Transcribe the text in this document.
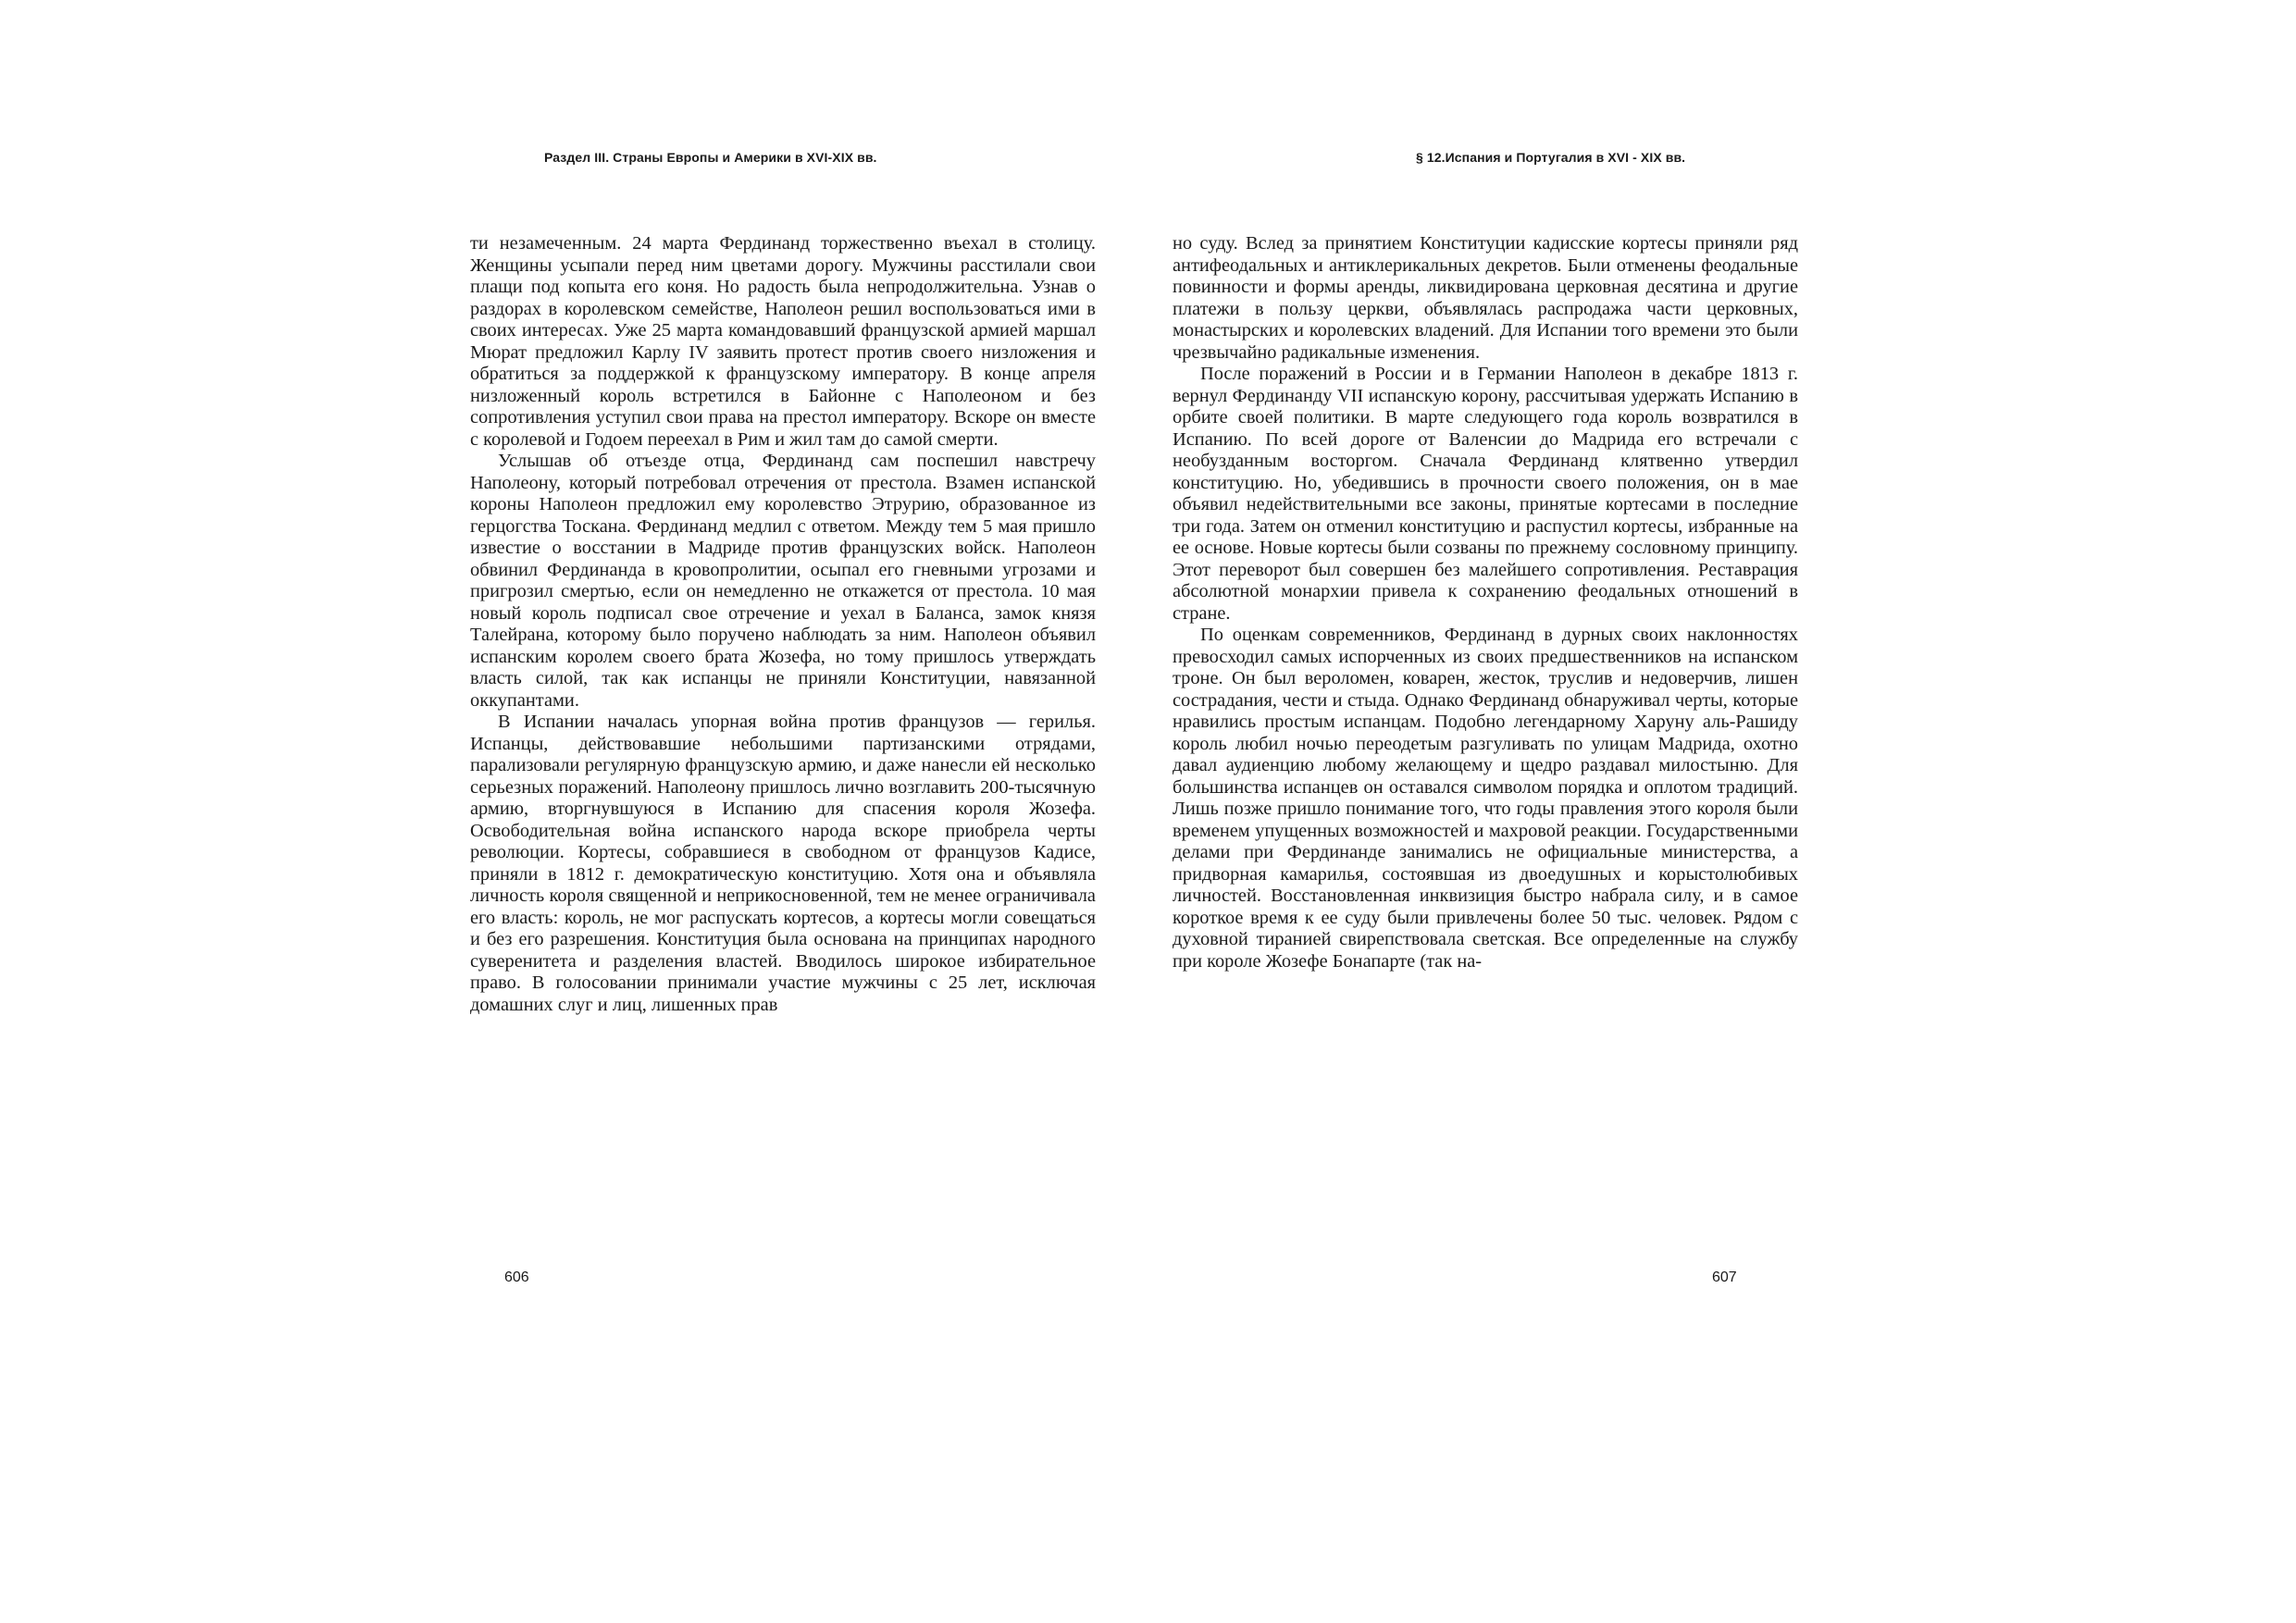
Раздел III. Страны Европы и Америки в XVI-XIX вв.	§ 12.Испания и Португалия в XVI - XIX вв.

ти незамеченным. 24 марта Фердинанд торжественно въехал в столицу. Женщины усыпали перед ним цветами дорогу. Мужчины расстилали свои плащи под копыта его коня. Но радость была непродолжительна. Узнав о раздорах в королевском семействе, Наполеон решил воспользоваться ими в своих интересах. Уже 25 марта командовавший французской армией маршал Мюрат предложил Карлу IV заявить протест против своего низложения и обратиться за поддержкой к французскому императору. В конце апреля низложенный король встретился в Байонне с Наполеоном и без сопротивления уступил свои права на престол императору. Вскоре он вместе с королевой и Годоем переехал в Рим и жил там до самой смерти.

Услышав об отъезде отца, Фердинанд сам поспешил навстречу Наполеону, который потребовал отречения от престола. Взамен испанской короны Наполеон предложил ему королевство Этрурию, образованное из герцогства Тоскана. Фердинанд медлил с ответом. Между тем 5 мая пришло известие о восстании в Мадриде против французских войск. Наполеон обвинил Фердинанда в кровопролитии, осыпал его гневными угрозами и пригрозил смертью, если он немедленно не откажется от престола. 10 мая новый король подписал свое отречение и уехал в Баланса, замок князя Талейрана, которому было поручено наблюдать за ним. Наполеон объявил испанским королем своего брата Жозефа, но тому пришлось утверждать власть силой, так как испанцы не приняли Конституции, навязанной оккупантами.

В Испании началась упорная война против французов — герилья. Испанцы, действовавшие небольшими партизанскими отрядами, парализовали регулярную французскую армию, и даже нанесли ей несколько серьезных поражений. Наполеону пришлось лично возглавить 200-тысячную армию, вторгнувшуюся в Испанию для спасения короля Жозефа. Освободительная война испанского народа вскоре приобрела черты революции. Кортесы, собравшиеся в свободном от французов Кадисе, приняли в 1812 г. демократическую конституцию. Хотя она и объявляла личность короля священной и неприкосновенной, тем не менее ограничивала его власть: король, не мог распускать кортесов, а кортесы могли совещаться и без его разрешения. Конституция была основана на принципах народного суверенитета и разделения властей. Вводилось широкое избирательное право. В голосовании принимали участие мужчины с 25 лет, исключая домашних слуг и лиц, лишенных прав

но суду. Вслед за принятием Конституции кадисские кортесы приняли ряд антифеодальных и антиклерикальных декретов. Были отменены феодальные повинности и формы аренды, ликвидирована церковная десятина и другие платежи в пользу церкви, объявлялась распродажа части церковных, монастырских и королевских владений. Для Испании того времени это были чрезвычайно радикальные изменения.

После поражений в России и в Германии Наполеон в декабре 1813 г. вернул Фердинанду VII испанскую корону, рассчитывая удержать Испанию в орбите своей политики. В марте следующего года король возвратился в Испанию. По всей дороге от Валенсии до Мадрида его встречали с необузданным восторгом. Сначала Фердинанд клятвенно утвердил конституцию. Но, убедившись в прочности своего положения, он в мае объявил недействительными все законы, принятые кортесами в последние три года. Затем он отменил конституцию и распустил кортесы, избранные на ее основе. Новые кортесы были созваны по прежнему сословному принципу. Этот переворот был совершен без малейшего сопротивления. Реставрация абсолютной монархии привела к сохранению феодальных отношений в стране.

По оценкам современников, Фердинанд в дурных своих наклонностях превосходил самых испорченных из своих предшественников на испанском троне. Он был вероломен, коварен, жесток, труслив и недоверчив, лишен сострадания, чести и стыда. Однако Фердинанд обнаруживал черты, которые нравились простым испанцам. Подобно легендарному Харуну аль-Рашиду король любил ночью переодетым разгуливать по улицам Мадрида, охотно давал аудиенцию любому желающему и щедро раздавал милостыню. Для большинства испанцев он оставался символом порядка и оплотом традиций. Лишь позже пришло понимание того, что годы правления этого короля были временем упущенных возможностей и махровой реакции. Государственными делами при Фердинанде занимались не официальные министерства, а придворная камарилья, состоявшая из двоедушных и корыстолюбивых личностей. Восстановленная инквизиция быстро набрала силу, и в самое короткое время к ее суду были привлечены более 50 тыс. человек. Рядом с духовной тиранией свирепствовала светская. Все определенные на службу при короле Жозефе Бонапарте (так на-

606	607
